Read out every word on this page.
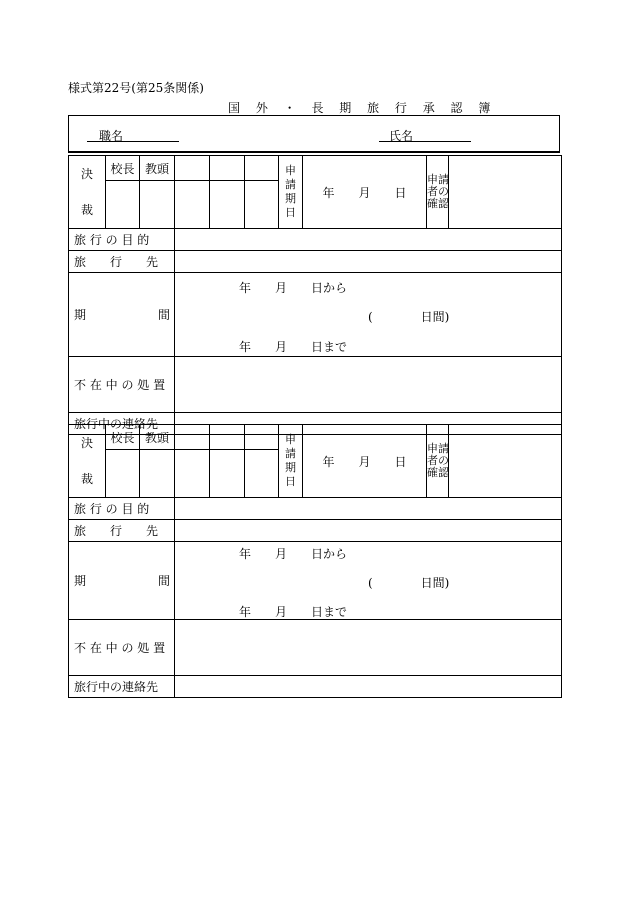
様式第22号(第25条関係)
国 外 ・ 長 期 旅 行 承 認 簿
職名	氏名
決
裁	校長	教頭				申請期日	年　　月　　日	申請者の確認	

旅 行 の 目 的									
旅　　行　　先									
期　　　　　　間			年　　月　　日から
(　　　　日間)
年　　月　　日まで						

不 在 中 の 処 置									
旅行中の連絡先									
決
裁	校長	教頭				申請期日	年　　月　　日	申請者の確認	

旅 行 の 目 的									
旅　　行　　先									
期　　　　　　間			年　　月　　日から
(　　　　日間)
年　　月　　日まで						

不 在 中 の 処 置									
旅行中の連絡先									
